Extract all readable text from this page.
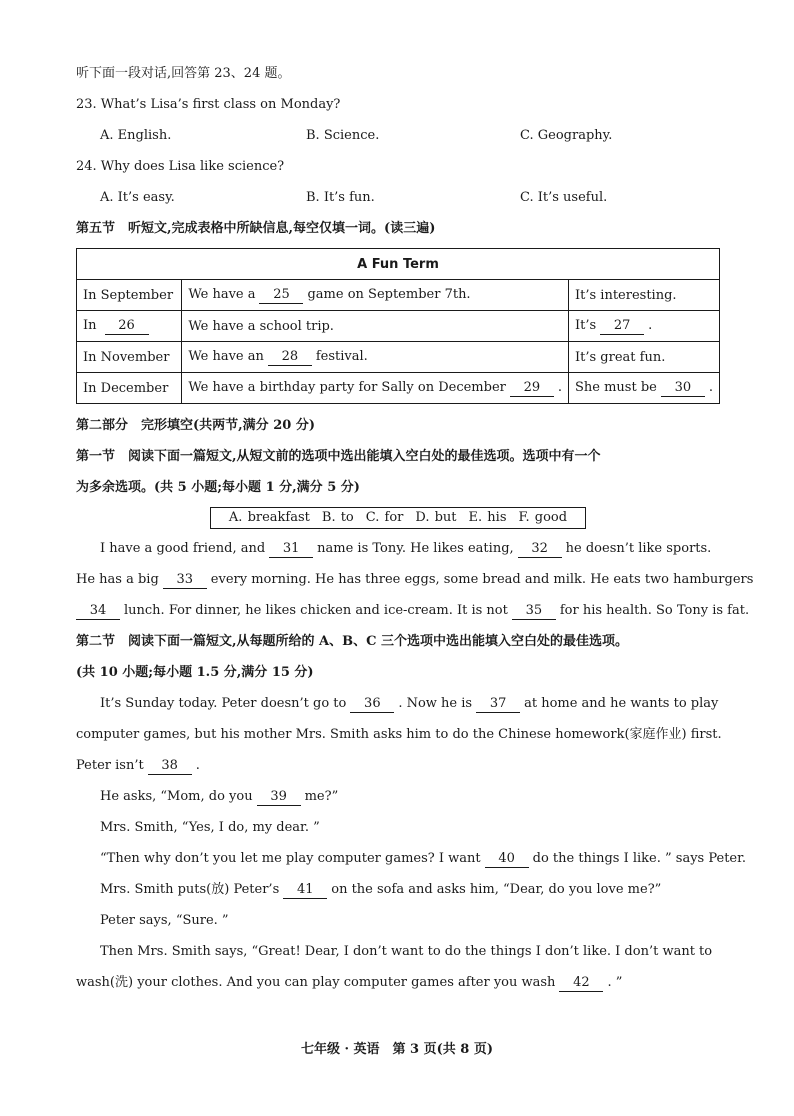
听下面一段对话,回答第 23、24 题。
23. What’s Lisa’s first class on Monday?
A. English.	B. Science.	C. Geography.
24. Why does Lisa like science?
A. It’s easy.	B. It’s fun.	C. It’s useful.
第五节　听短文,完成表格中所缺信息,每空仅填一词。(读三遍)
A Fun Term		
In September	We have a 25 game on September 7th.	It’s interesting.
In 26	We have a school trip.	It’s 27 .
In November	We have an 28 festival.	It’s great fun.
In December	We have a birthday party for Sally on December 29 .	She must be 30 .
第二部分　完形填空(共两节,满分 20 分)
第一节　阅读下面一篇短文,从短文前的选项中选出能填入空白处的最佳选项。选项中有一个
为多余选项。(共 5 小题;每小题 1 分,满分 5 分)
A. breakfast B. to C. for D. but E. his F. good
I have a good friend, and 31 name is Tony. He likes eating, 32 he doesn’t like sports.
He has a big 33 every morning. He has three eggs, some bread and milk. He eats two hamburgers
34 lunch. For dinner, he likes chicken and ice-cream. It is not 35 for his health. So Tony is fat.
第二节　阅读下面一篇短文,从每题所给的 A、B、C 三个选项中选出能填入空白处的最佳选项。
(共 10 小题;每小题 1.5 分,满分 15 分)
It’s Sunday today. Peter doesn’t go to 36 . Now he is 37 at home and he wants to play
computer games, but his mother Mrs. Smith asks him to do the Chinese homework(家庭作业) first.
Peter isn’t 38 .
He asks, “Mom, do you 39 me?”
Mrs. Smith, “Yes, I do, my dear. ”
“Then why don’t you let me play computer games? I want 40 do the things I like. ” says Peter.
Mrs. Smith puts(放) Peter’s 41 on the sofa and asks him, “Dear, do you love me?”
Peter says, “Sure. ”
Then Mrs. Smith says, “Great! Dear, I don’t want to do the things I don’t like. I don’t want to
wash(洗) your clothes. And you can play computer games after you wash 42 . ”
七年级 · 英语　第 3 页(共 8 页)
